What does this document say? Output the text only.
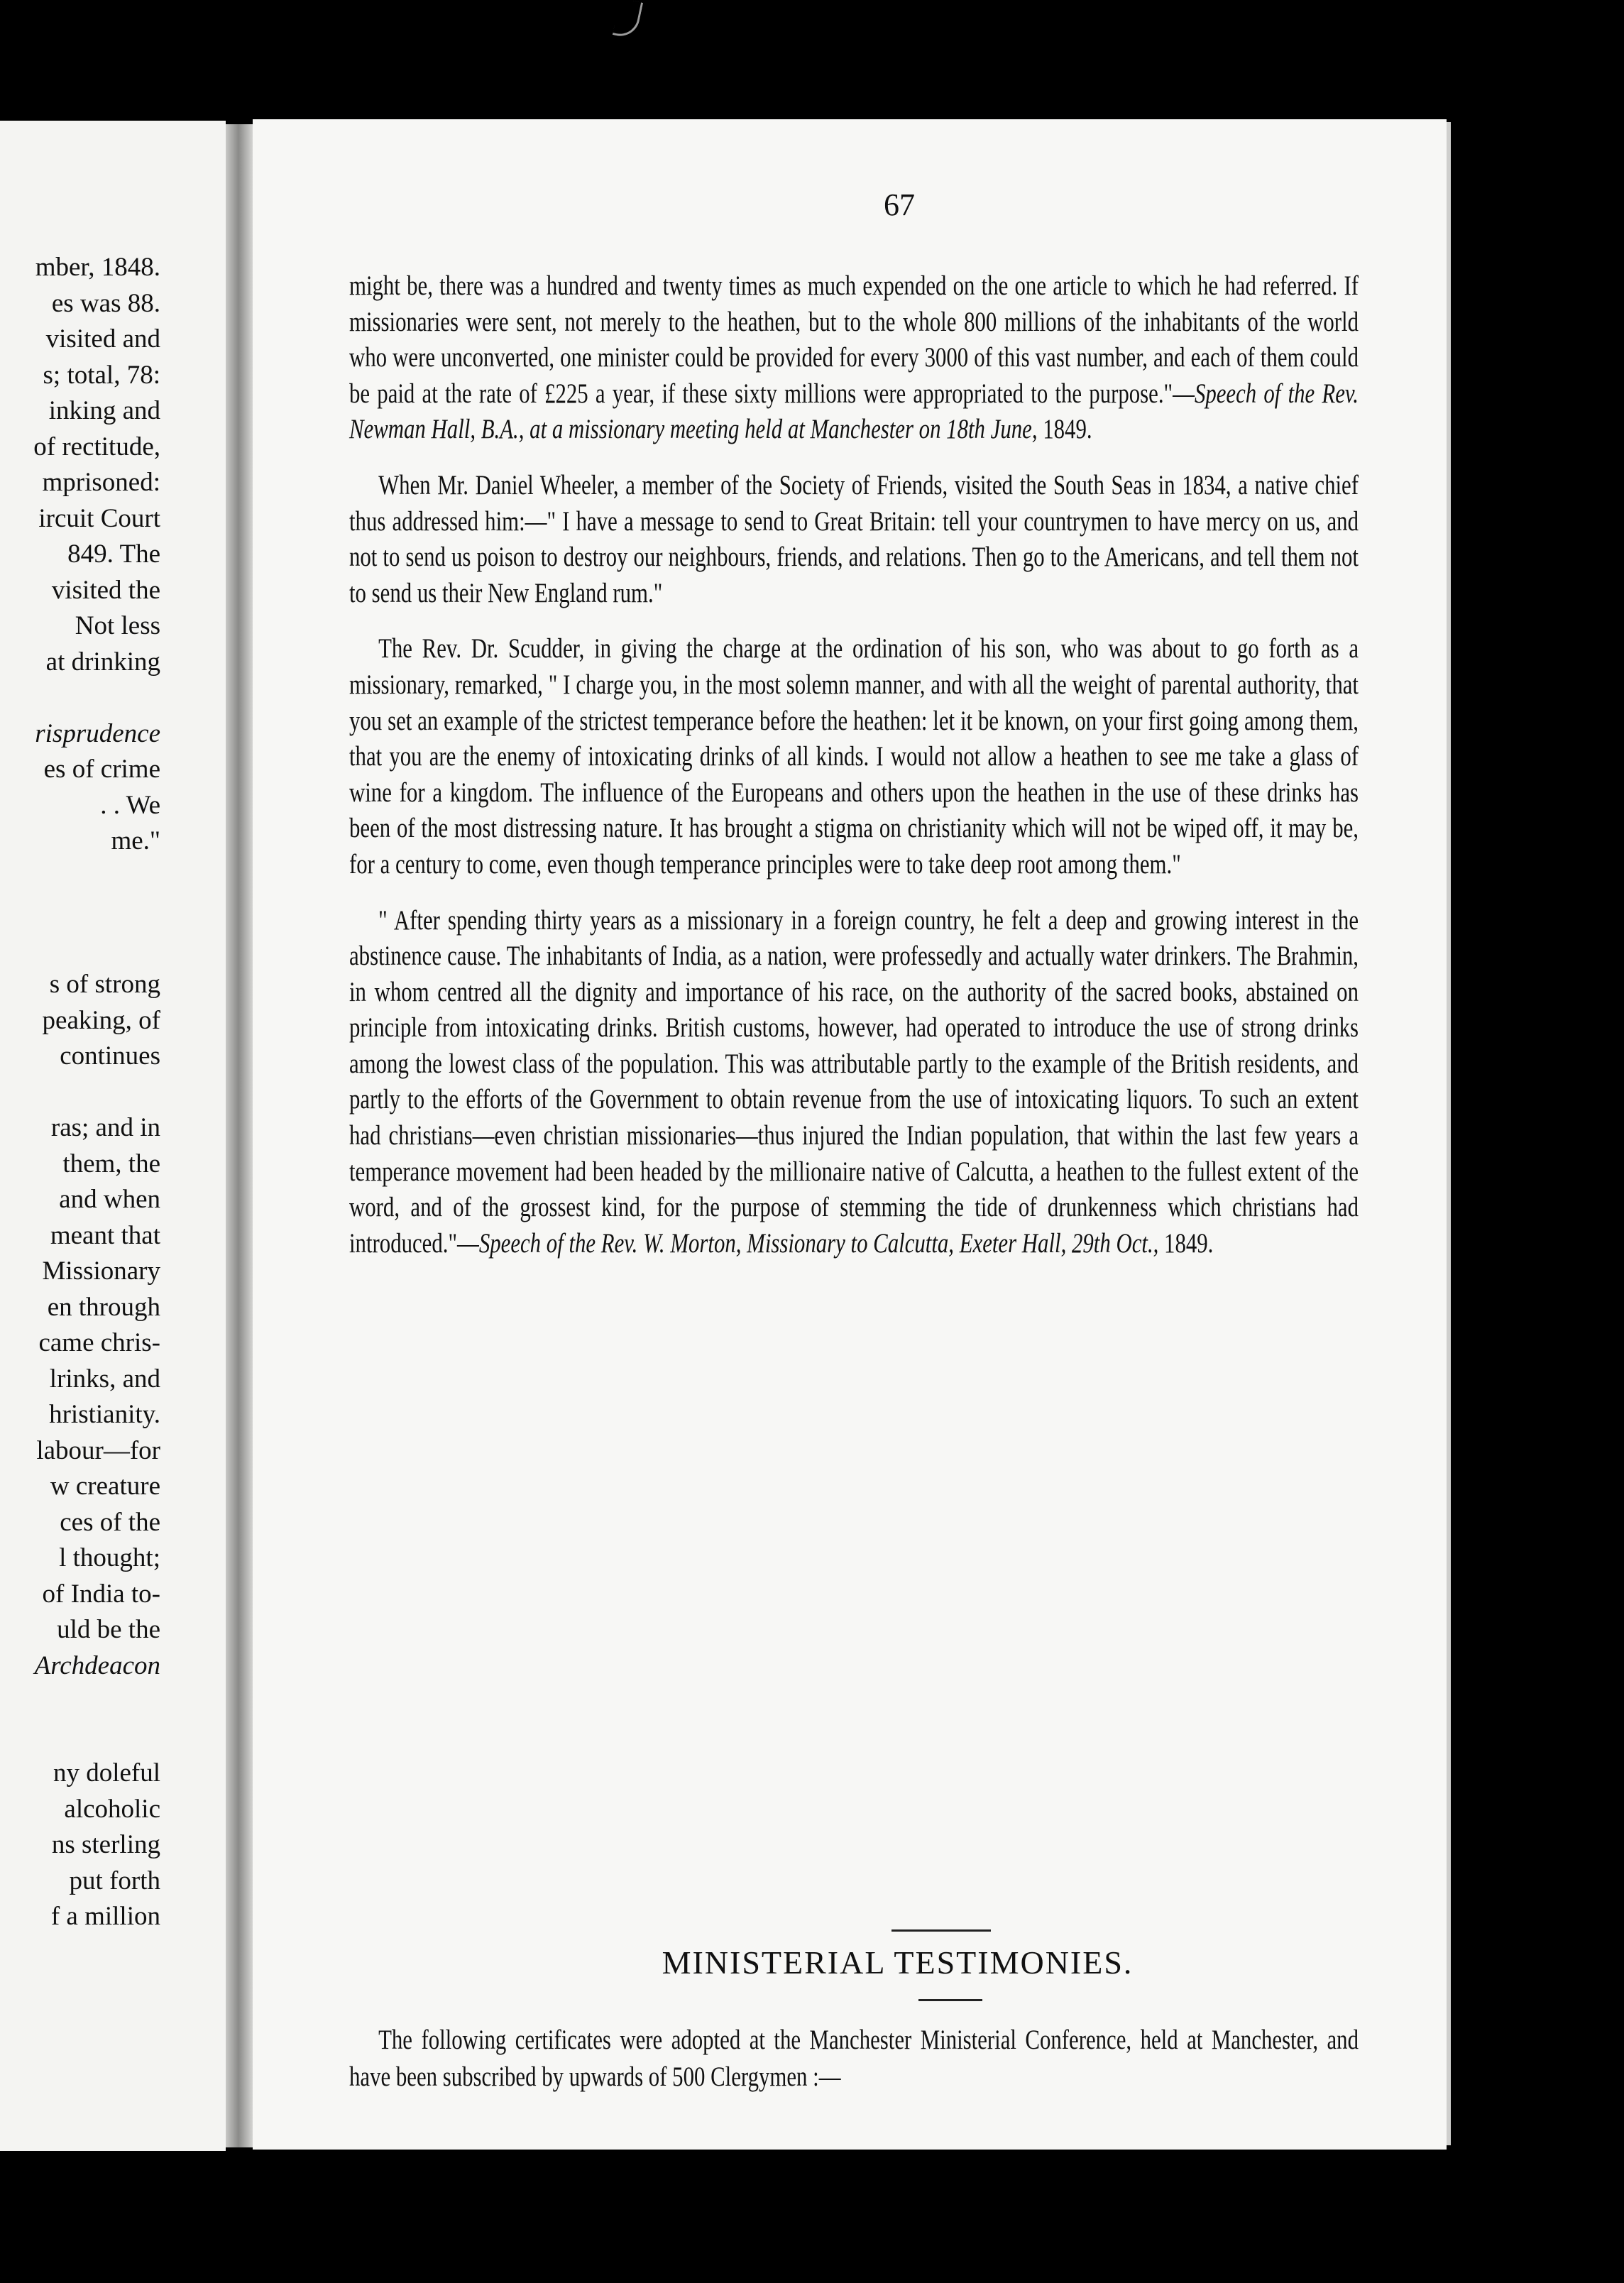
mber, 1848.
es was 88.
visited and
s; total, 78:
inking and
of rectitude,
mprisoned:
ircuit Court
849. The
visited the
Not less
at drinking
risprudence
es of crime
. . We
me."
s of strong
peaking, of
continues
ras; and in
them, the
and when
meant that
Missionary
en through
came chris-
lrinks, and
hristianity.
labour—for
w creature
ces of the
l thought;
of India to-
uld be the
Archdeacon
ny doleful
alcoholic
ns sterling
put forth
f a million
67

might be, there was a hundred and twenty times as much expended on the one article to which he had referred. If missionaries were sent, not merely to the heathen, but to the whole 800 millions of the inhabitants of the world who were unconverted, one minister could be provided for every 3000 of this vast number, and each of them could be paid at the rate of £225 a year, if these sixty millions were appropriated to the purpose."—Speech of the Rev. Newman Hall, B.A., at a missionary meeting held at Manchester on 18th June, 1849.

When Mr. Daniel Wheeler, a member of the Society of Friends, visited the South Seas in 1834, a native chief thus addressed him:—" I have a message to send to Great Britain: tell your countrymen to have mercy on us, and not to send us poison to destroy our neighbours, friends, and relations. Then go to the Americans, and tell them not to send us their New England rum."

The Rev. Dr. Scudder, in giving the charge at the ordination of his son, who was about to go forth as a missionary, remarked, " I charge you, in the most solemn manner, and with all the weight of parental authority, that you set an example of the strictest temperance before the heathen: let it be known, on your first going among them, that you are the enemy of intoxicating drinks of all kinds. I would not allow a heathen to see me take a glass of wine for a kingdom. The influence of the Europeans and others upon the heathen in the use of these drinks has been of the most distressing nature. It has brought a stigma on christianity which will not be wiped off, it may be, for a century to come, even though temperance principles were to take deep root among them."

" After spending thirty years as a missionary in a foreign country, he felt a deep and growing interest in the abstinence cause. The inhabitants of India, as a nation, were professedly and actually water drinkers. The Brahmin, in whom centred all the dignity and importance of his race, on the authority of the sacred books, abstained on principle from intoxicating drinks. British customs, however, had operated to introduce the use of strong drinks among the lowest class of the population. This was attributable partly to the example of the British residents, and partly to the efforts of the Government to obtain revenue from the use of intoxicating liquors. To such an extent had christians—even christian missionaries—thus injured the Indian population, that within the last few years a temperance movement had been headed by the millionaire native of Calcutta, a heathen to the fullest extent of the word, and of the grossest kind, for the purpose of stemming the tide of drunkenness which christians had introduced."—Speech of the Rev. W. Morton, Missionary to Calcutta, Exeter Hall, 29th Oct., 1849.

MINISTERIAL TESTIMONIES.

The following certificates were adopted at the Manchester Ministerial Conference, held at Manchester, and have been subscribed by upwards of 500 Clergymen :—
